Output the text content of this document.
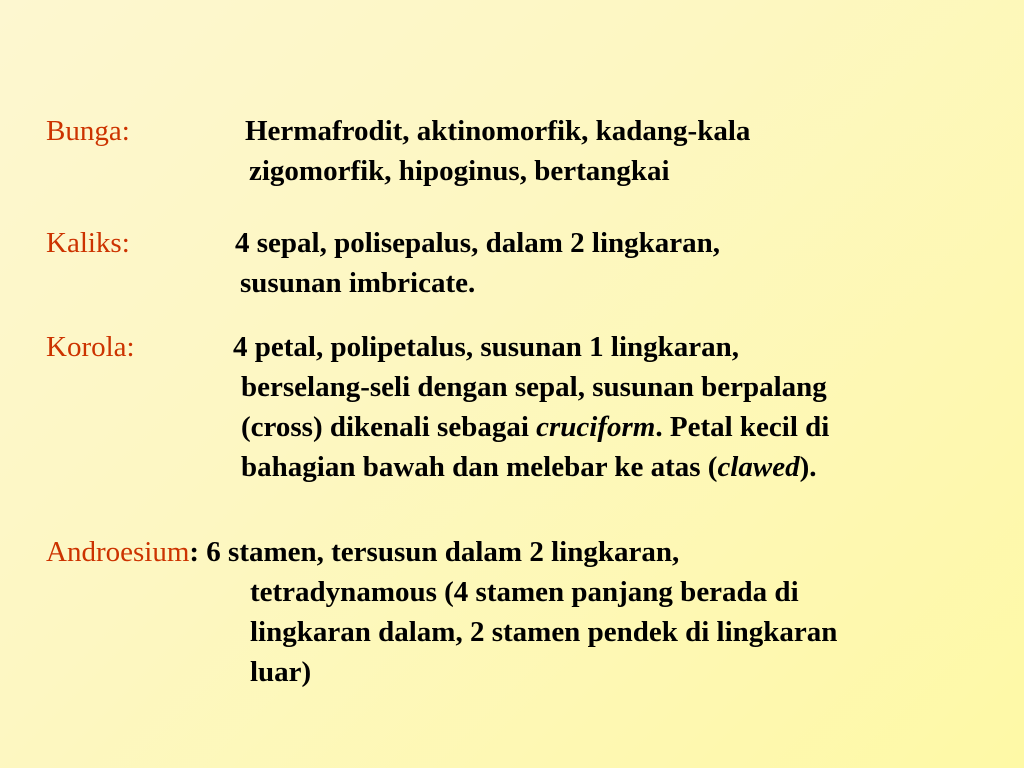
Bunga:	Hermafrodit, aktinomorfik, kadang-kala
zigomorfik, hipoginus, bertangkai
Kaliks:	4 sepal, polisepalus, dalam 2 lingkaran,
susunan imbricate.
Korola:	4 petal, polipetalus, susunan 1 lingkaran,
berselang-seli dengan sepal, susunan berpalang
(cross) dikenali sebagai cruciform. Petal kecil di
bahagian bawah dan melebar ke atas (clawed).
Androesium: 6 stamen, tersusun dalam 2 lingkaran,
tetradynamous (4 stamen panjang berada di
lingkaran dalam, 2 stamen pendek di lingkaran
luar)
